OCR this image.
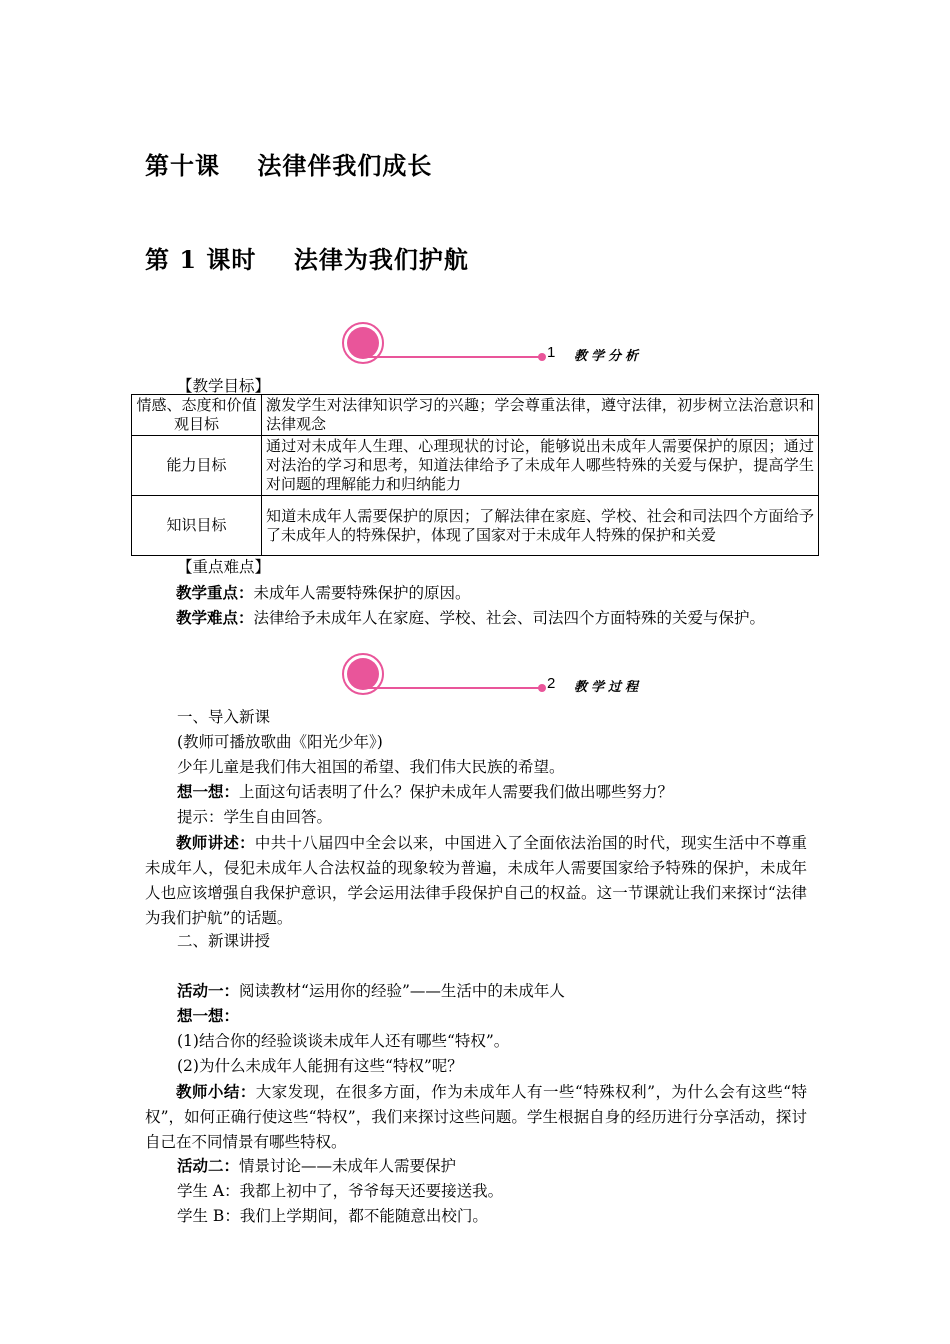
第十课    法律伴我们成长
第 1 课时    法律为我们护航
1 教学分析
【教学目标】
情感、态度和价值观目标	激发学生对法律知识学习的兴趣；学会尊重法律，遵守法律，初步树立法治意识和法律观念
能力目标	通过对未成年人生理、心理现状的讨论，能够说出未成年人需要保护的原因；通过对法治的学习和思考，知道法律给予了未成年人哪些特殊的关爱与保护，提高学生对问题的理解能力和归纳能力
知识目标	知道未成年人需要保护的原因；了解法律在家庭、学校、社会和司法四个方面给予了未成年人的特殊保护，体现了国家对于未成年人特殊的保护和关爱
【重点难点】
教学重点：未成年人需要特殊保护的原因。
教学难点：法律给予未成年人在家庭、学校、社会、司法四个方面特殊的关爱与保护。
2 教学过程
一、导入新课
(教师可播放歌曲《阳光少年》)
少年儿童是我们伟大祖国的希望、我们伟大民族的希望。
想一想：上面这句话表明了什么？保护未成年人需要我们做出哪些努力？
提示：学生自由回答。
教师讲述：中共十八届四中全会以来，中国进入了全面依法治国的时代，现实生活中不尊重未成年人，侵犯未成年人合法权益的现象较为普遍，未成年人需要国家给予特殊的保护，未成年人也应该增强自我保护意识，学会运用法律手段保护自己的权益。这一节课就让我们来探讨“法律为我们护航”的话题。
二、新课讲授
活动一：阅读教材“运用你的经验”——生活中的未成年人
想一想：
(1)结合你的经验谈谈未成年人还有哪些“特权”。
(2)为什么未成年人能拥有这些“特权”呢？
教师小结：大家发现，在很多方面，作为未成年人有一些“特殊权利”，为什么会有这些“特权”，如何正确行使这些“特权”，我们来探讨这些问题。学生根据自身的经历进行分享活动，探讨自己在不同情景有哪些特权。
活动二：情景讨论——未成年人需要保护
学生 A：我都上初中了，爷爷每天还要接送我。
学生 B：我们上学期间，都不能随意出校门。
